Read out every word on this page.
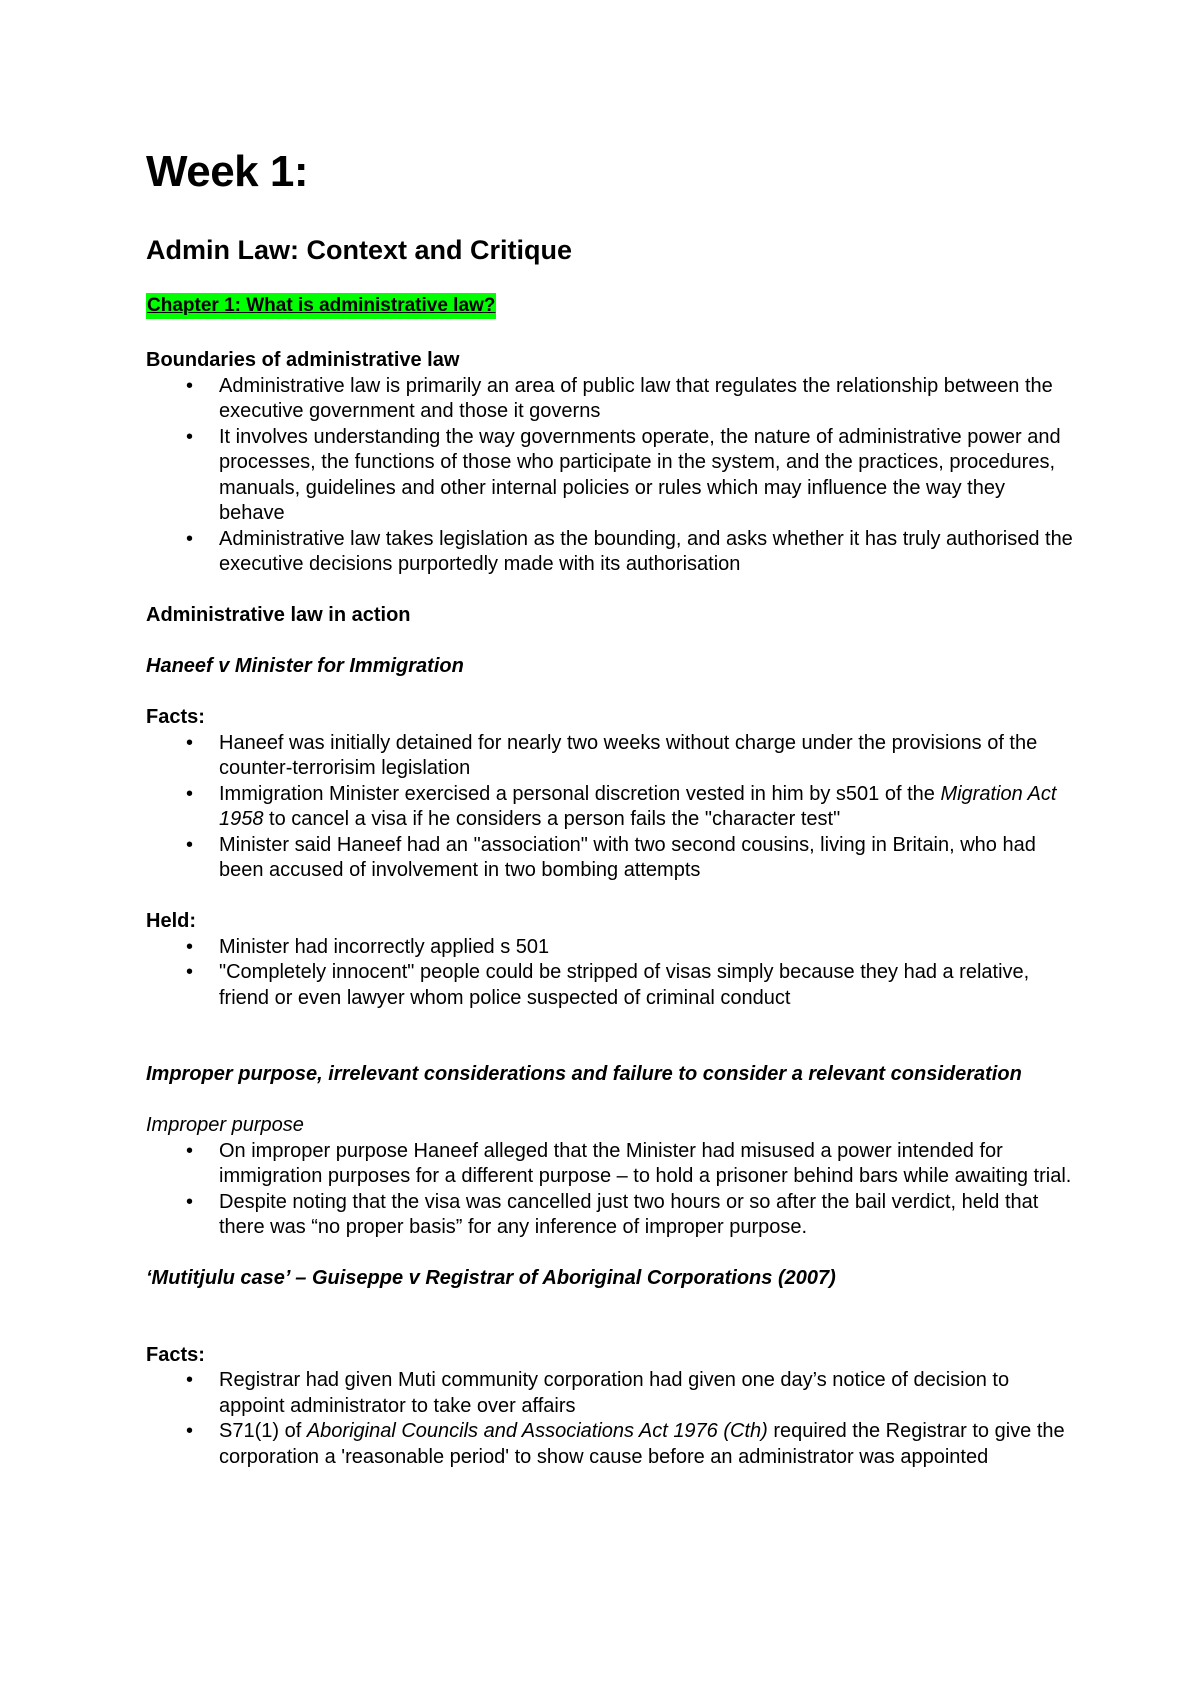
Week 1:
Admin Law: Context and Critique
Chapter 1: What is administrative law?

Boundaries of administrative law

• Administrative law is primarily an area of public law that regulates the relationship between the executive government and those it governs
• It involves understanding the way governments operate, the nature of administrative power and processes, the functions of those who participate in the system, and the practices, procedures, manuals, guidelines and other internal policies or rules which may influence the way they behave
• Administrative law takes legislation as the bounding, and asks whether it has truly authorised the executive decisions purportedly made with its authorisation

Administrative law in action

Haneef v Minister for Immigration

Facts:

• Haneef was initially detained for nearly two weeks without charge under the provisions of the counter-terrorisim legislation
• Immigration Minister exercised a personal discretion vested in him by s501 of the Migration Act 1958 to cancel a visa if he considers a person fails the "character test"
• Minister said Haneef had an "association" with two second cousins, living in Britain, who had been accused of involvement in two bombing attempts

Held:

• Minister had incorrectly applied s 501
• "Completely innocent" people could be stripped of visas simply because they had a relative, friend or even lawyer whom police suspected of criminal conduct

Improper purpose, irrelevant considerations and failure to consider a relevant consideration

Improper purpose

• On improper purpose Haneef alleged that the Minister had misused a power intended for immigration purposes for a different purpose – to hold a prisoner behind bars while awaiting trial.
• Despite noting that the visa was cancelled just two hours or so after the bail verdict, held that there was “no proper basis” for any inference of improper purpose.

‘Mutitjulu case’ – Guiseppe v Registrar of Aboriginal Corporations (2007)

Facts:

• Registrar had given Muti community corporation had given one day’s notice of decision to appoint administrator to take over affairs
• S71(1) of Aboriginal Councils and Associations Act 1976 (Cth) required the Registrar to give the corporation a 'reasonable period' to show cause before an administrator was appointed
